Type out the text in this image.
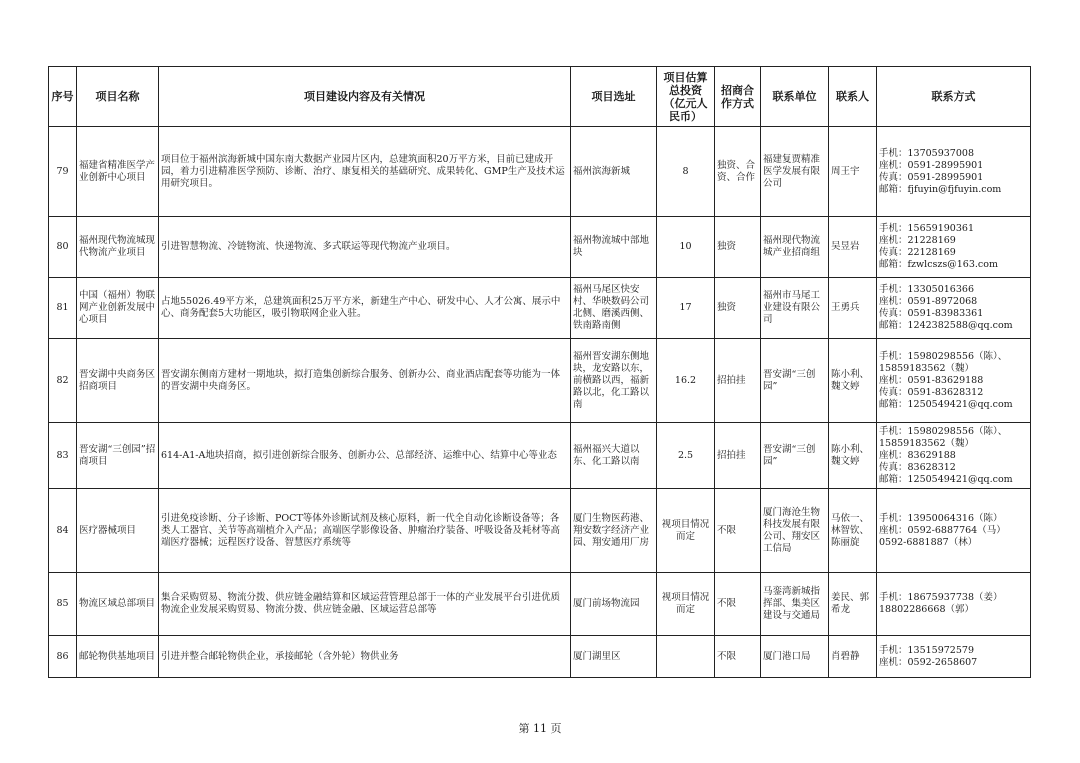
序号	项目名称	项目建设内容及有关情况	项目选址	项目估算总投资（亿元人民币）	招商合作方式	联系单位	联系人	联系方式
79	福建省精准医学产业创新中心项目	项目位于福州滨海新城中国东南大数据产业园片区内，总建筑面积20万平方米，目前已建成开园，着力引进精准医学预防、诊断、治疗、康复相关的基础研究、成果转化、GMP生产及技术运用研究项目。	福州滨海新城	8	独资、合资、合作	福建复贾精准医学发展有限公司	周王宇	手机：13705937008
座机：0591-28995901
传真：0591-28995901
邮箱：fjfuyin@fjfuyin.com
80	福州现代物流城现代物流产业项目	引进智慧物流、冷链物流、快递物流、多式联运等现代物流产业项目。	福州物流城中部地块	10	独资	福州现代物流城产业招商组	吴昱岩	手机：15659190361
座机：21228169
传真：22128169
邮箱：fzwlcszs@163.com
81	中国（福州）物联网产业创新发展中心项目	占地55026.49平方米，总建筑面积25万平方米，新建生产中心、研发中心、人才公寓、展示中心、商务配套5大功能区，吸引物联网企业入驻。	福州马尾区快安村、华映数码公司北侧、磨溪西侧、铁南路南侧	17	独资	福州市马尾工业建设有限公司	王勇兵	手机：13305016366
座机：0591-8972068
传真：0591-83983361
邮箱：1242382588@qq.com
82	晋安湖中央商务区招商项目	晋安湖东侧南方建材一期地块，拟打造集创新综合服务、创新办公、商业酒店配套等功能为一体的晋安湖中央商务区。	福州晋安湖东侧地块，龙安路以东，前横路以西，福新路以北，化工路以南	16.2	招拍挂	晋安湖“三创园”	陈小利、魏文婷	手机：15980298556（陈）、15859183562（魏）
座机：0591-83629188
传真：0591-83628312
邮箱：1250549421@qq.com
83	晋安湖“三创园”招商项目	614-A1-A地块招商，拟引进创新综合服务、创新办公、总部经济、运维中心、结算中心等业态	福州福兴大道以东、化工路以南	2.5	招拍挂	晋安湖“三创园”	陈小利、魏文婷	手机：15980298556（陈）、15859183562（魏）
座机：83629188
传真：83628312
邮箱：1250549421@qq.com
84	医疗器械项目	引进免疫诊断、分子诊断、POCT等体外诊断试剂及核心原料，新一代全自动化诊断设备等；各类人工器官、关节等高端植介入产品；高端医学影像设备、肿瘤治疗装备、呼吸设备及耗材等高端医疗器械；远程医疗设备、智慧医疗系统等	厦门生物医药港、翔安数字经济产业园、翔安通用厂房	视项目情况而定	不限	厦门海沧生物科技发展有限公司、翔安区工信局	马依一、林智钦、陈丽旋	手机：13950064316（陈）
座机：0592-6887764（马）
0592-6881887（林）
85	物流区域总部项目	集合采购贸易、物流分拨、供应链金融结算和区域运营管理总部于一体的产业发展平台引进优质物流企业发展采购贸易、物流分拨、供应链金融、区域运营总部等	厦门前场物流园	视项目情况而定	不限	马銮湾新城指挥部、集美区建设与交通局	姜民、郭希龙	手机：18675937738（姜）
18802286668（郭）
86	邮轮物供基地项目	引进并整合邮轮物供企业，承接邮轮（含外轮）物供业务	厦门湖里区		不限	厦门港口局	肖碧静	手机：13515972579
座机：0592-2658607
第 11 页
